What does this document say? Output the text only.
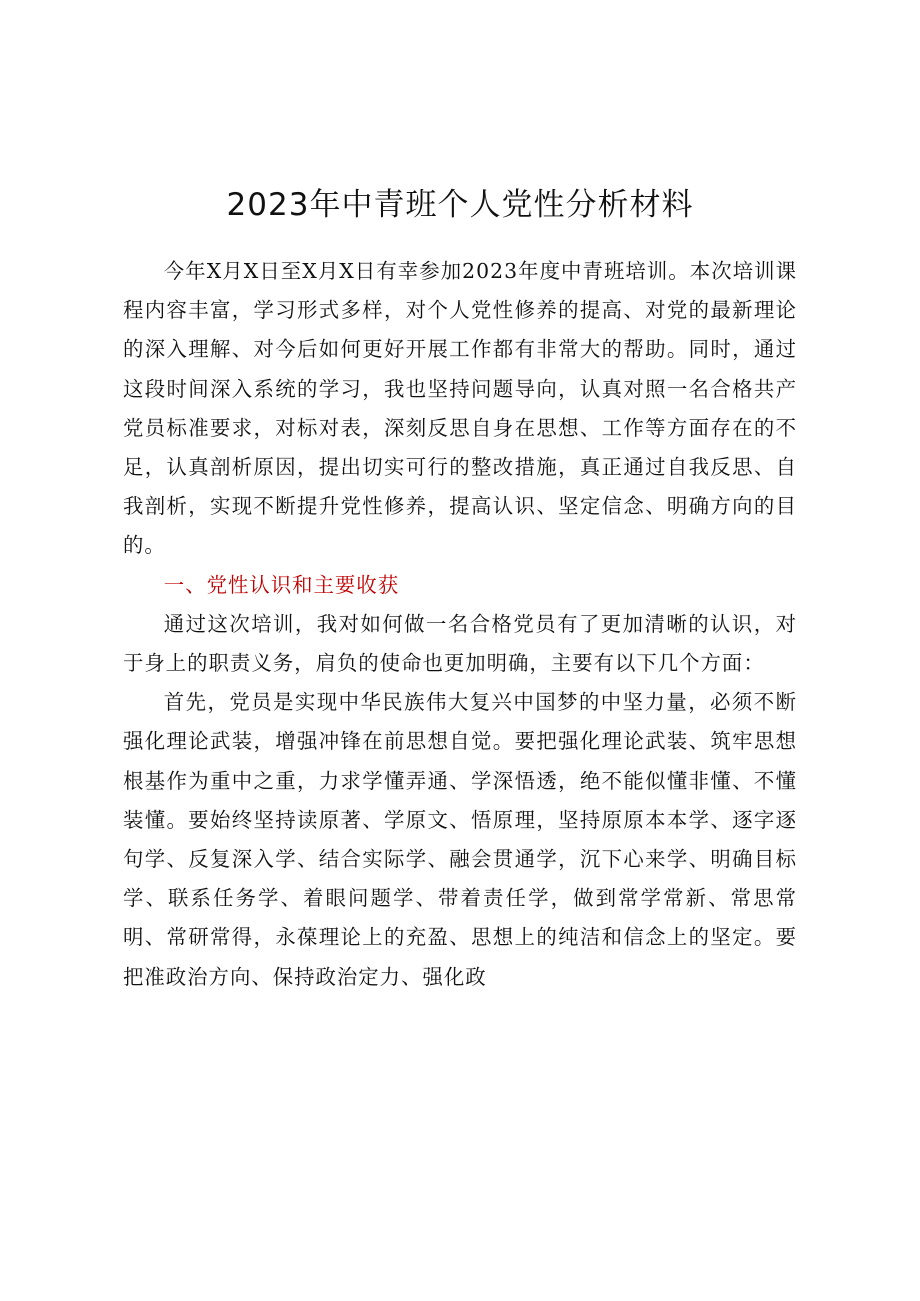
2023年中青班个人党性分析材料

今年X月X日至X月X日有幸参加2023年度中青班培训。本次培训课程内容丰富，学习形式多样，对个人党性修养的提高、对党的最新理论的深入理解、对今后如何更好开展工作都有非常大的帮助。同时，通过这段时间深入系统的学习，我也坚持问题导向，认真对照一名合格共产党员标准要求，对标对表，深刻反思自身在思想、工作等方面存在的不足，认真剖析原因，提出切实可行的整改措施，真正通过自我反思、自我剖析，实现不断提升党性修养，提高认识、坚定信念、明确方向的目的。

一、党性认识和主要收获

通过这次培训，我对如何做一名合格党员有了更加清晰的认识，对于身上的职责义务，肩负的使命也更加明确，主要有以下几个方面：

首先，党员是实现中华民族伟大复兴中国梦的中坚力量，必须不断强化理论武装，增强冲锋在前思想自觉。要把强化理论武装、筑牢思想根基作为重中之重，力求学懂弄通、学深悟透，绝不能似懂非懂、不懂装懂。要始终坚持读原著、学原文、悟原理，坚持原原本本学、逐字逐句学、反复深入学、结合实际学、融会贯通学，沉下心来学、明确目标学、联系任务学、着眼问题学、带着责任学，做到常学常新、常思常明、常研常得，永葆理论上的充盈、思想上的纯洁和信念上的坚定。要把准政治方向、保持政治定力、强化政
